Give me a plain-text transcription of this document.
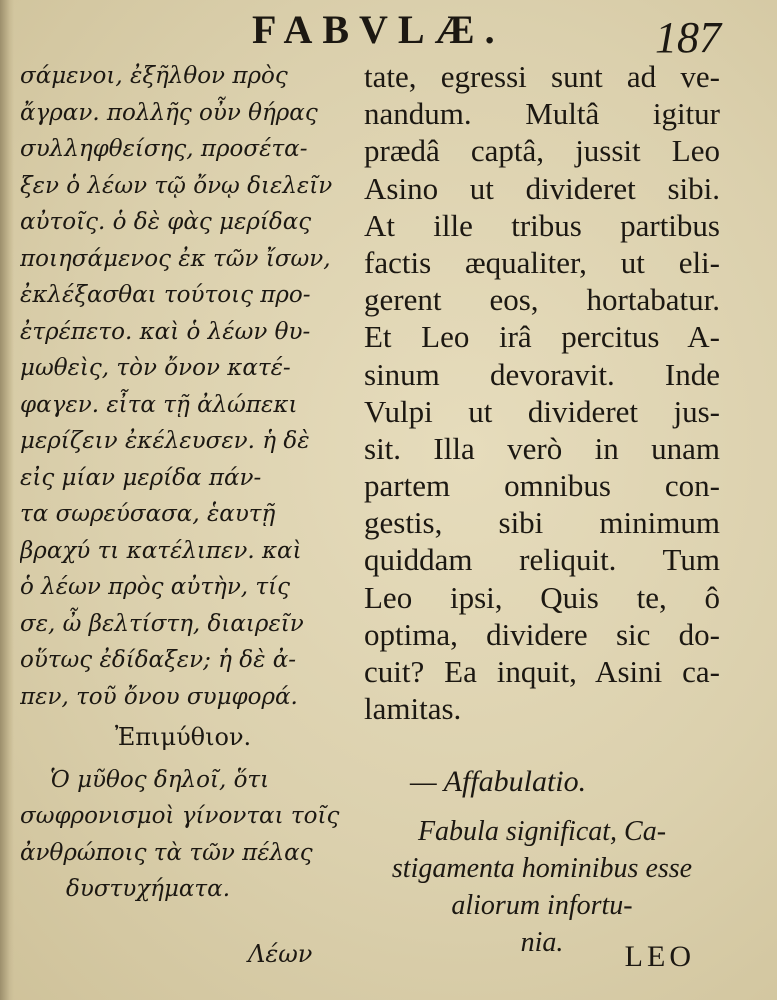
FABVLÆ.	187
σάμενοι, ἐξῆλθον πρὸς
ἄγραν. πολλῆς οὖν θήρας
συλληφθείσης, προσέτα-
ξεν ὁ λέων τῷ ὄνῳ διελεῖν
αὐτοῖς. ὁ δὲ φὰς μερίδας
ποιησάμενος ἐκ τῶν ἴσων,
ἐκλέξασθαι τούτοις προ-
ἐτρέπετο. καὶ ὁ λέων θυ-
μωθεὶς, τὸν ὄνον κατέ-
φαγεν. εἶτα τῇ ἀλώπεκι
μερίζειν ἐκέλευσεν. ἡ δὲ
εἰς μίαν μερίδα πάν-
τα σωρεύσασα, ἑαυτῇ
βραχύ τι κατέλιπεν. καὶ
ὁ λέων πρὸς αὐτὴν, τίς
σε, ὦ βελτίστη, διαιρεῖν
οὕτως ἐδίδαξεν; ἡ δὲ ἀ-
πεν, τοῦ ὄνου συμφορά.
Ἐπιμύθιον.
Ὁ μῦθος δηλοῖ, ὅτι
σωφρονισμοὶ γίνονται τοῖς
ἀνθρώποις τὰ τῶν πέλας
δυστυχήματα.
Λέων
tate, egressi sunt ad ve-
nandum. Multâ igitur
prædâ captâ, jussit Leo
Asino ut divideret sibi.
At ille tribus partibus
factis æqualiter, ut eli-
gerent eos, hortabatur.
Et Leo irâ percitus A-
sinum devoravit. Inde
Vulpi ut divideret jus-
sit. Illa verò in unam
partem omnibus con-
gestis, sibi minimum
quiddam reliquit. Tum
Leo ipsi, Quis te, ô
optima, dividere sic do-
cuit? Ea inquit, Asini ca-
lamitas.
— Affabulatio.
Fabula significat, Ca-
stigamenta hominibus esse
aliorum infortu-
nia.	LEO
